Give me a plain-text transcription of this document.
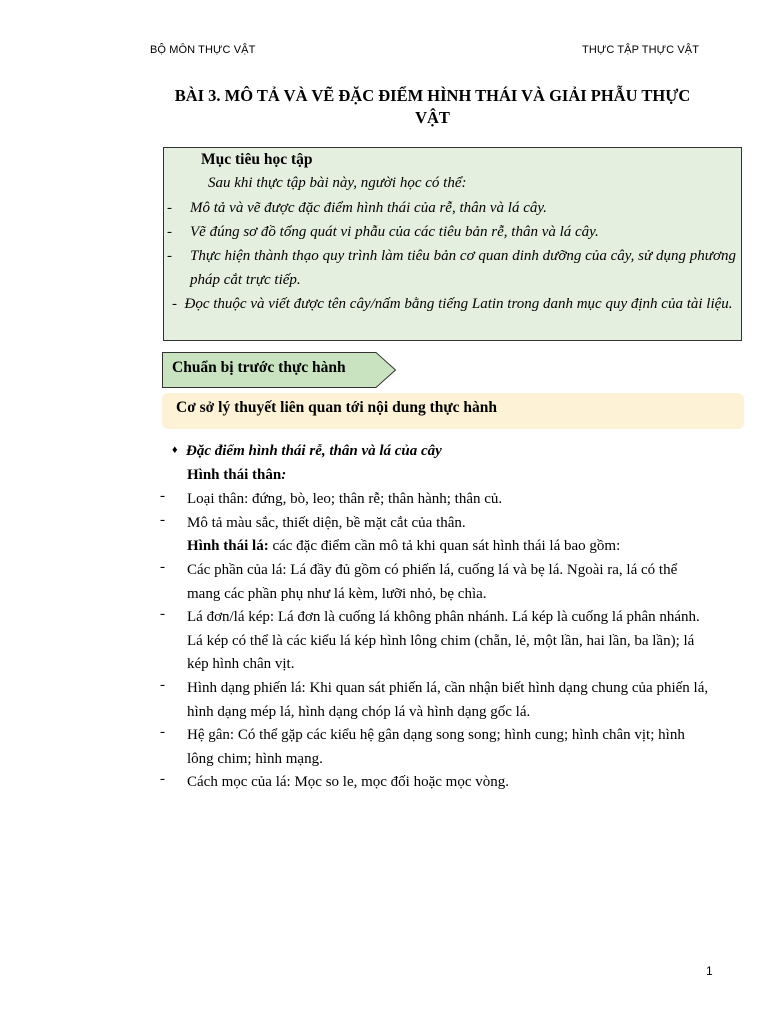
BỘ MÔN THỰC VẬT	THỰC TẬP THỰC VẬT
BÀI 3. MÔ TẢ VÀ VẼ ĐẶC ĐIỂM HÌNH THÁI VÀ GIẢI PHẪU THỰC VẬT
Mục tiêu học tập
Sau khi thực tập bài này, người học có thể:
- Mô tả và vẽ được đặc điểm hình thái của rễ, thân và lá cây.
- Vẽ đúng sơ đồ tổng quát vi phẫu của các tiêu bản rễ, thân và lá cây.
- Thực hiện thành thạo quy trình làm tiêu bản cơ quan dinh dưỡng của cây, sử dụng phương pháp cắt trực tiếp.
- Đọc thuộc và viết được tên cây/nấm bằng tiếng Latin trong danh mục quy định của tài liệu.
Chuẩn bị trước thực hành
Cơ sở lý thuyết liên quan tới nội dung thực hành
♦ Đặc điểm hình thái rễ, thân và lá của cây
Hình thái thân:
- Loại thân: đứng, bò, leo; thân rễ; thân hành; thân củ.
- Mô tả màu sắc, thiết diện, bề mặt cắt của thân.
Hình thái lá: các đặc điểm cần mô tả khi quan sát hình thái lá bao gồm:
- Các phần của lá: Lá đầy đủ gồm có phiến lá, cuống lá và bẹ lá. Ngoài ra, lá có thể mang các phần phụ như lá kèm, lưỡi nhỏ, bẹ chìa.
- Lá đơn/lá kép: Lá đơn là cuống lá không phân nhánh. Lá kép là cuống lá phân nhánh. Lá kép có thể là các kiểu lá kép hình lông chim (chẵn, lẻ, một lần, hai lần, ba lần); lá kép hình chân vịt.
- Hình dạng phiến lá: Khi quan sát phiến lá, cần nhận biết hình dạng chung của phiến lá, hình dạng mép lá, hình dạng chóp lá và hình dạng gốc lá.
- Hệ gân: Có thể gặp các kiểu hệ gân dạng song song; hình cung; hình chân vịt; hình lông chim; hình mạng.
- Cách mọc của lá: Mọc so le, mọc đối hoặc mọc vòng.
1
